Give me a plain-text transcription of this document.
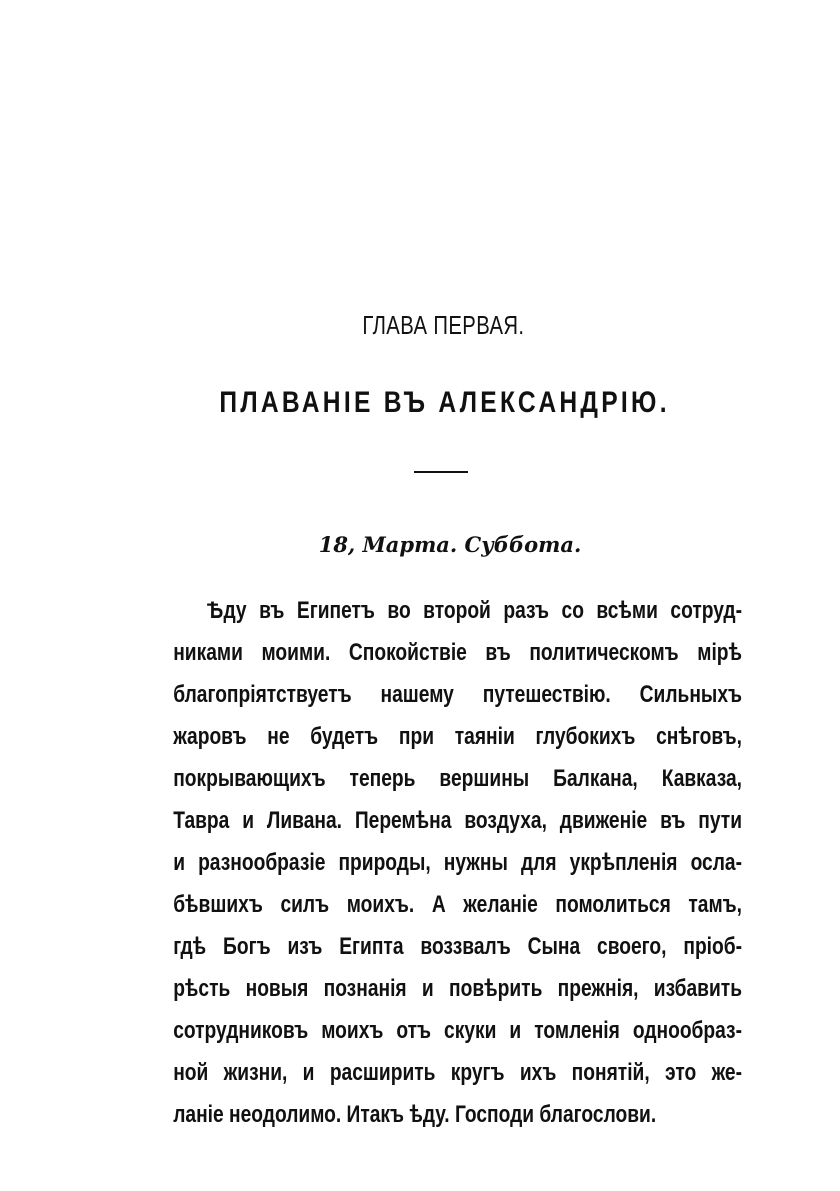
ГЛАВА ПЕРВАЯ.
ПЛАВАНІЕ ВЪ АЛЕКСАНДРІЮ.

18, Марта. Суббота.

Ѣду въ Египетъ во второй разъ со всѣми сотруд-
никами моими. Спокойствіе въ политическомъ мірѣ
благопріятствуетъ нашему путешествію. Сильныхъ
жаровъ не будетъ при таяніи глубокихъ снѣговъ,
покрывающихъ теперь вершины Балкана, Кавказа,
Тавра и Ливана. Перемѣна воздуха, движеніе въ пути
и разнообразіе природы, нужны для укрѣпленія осла-
бѣвшихъ силъ моихъ. А желаніе помолиться тамъ,
гдѣ Богъ изъ Египта воззвалъ Сына своего, пріоб-
рѣсть новыя познанія и повѣрить прежнія, избавить
сотрудниковъ моихъ отъ скуки и томленія однообраз-
ной жизни, и расширить кругъ ихъ понятій, это же-
ланіе неодолимо. Итакъ ѣду. Господи благослови.
